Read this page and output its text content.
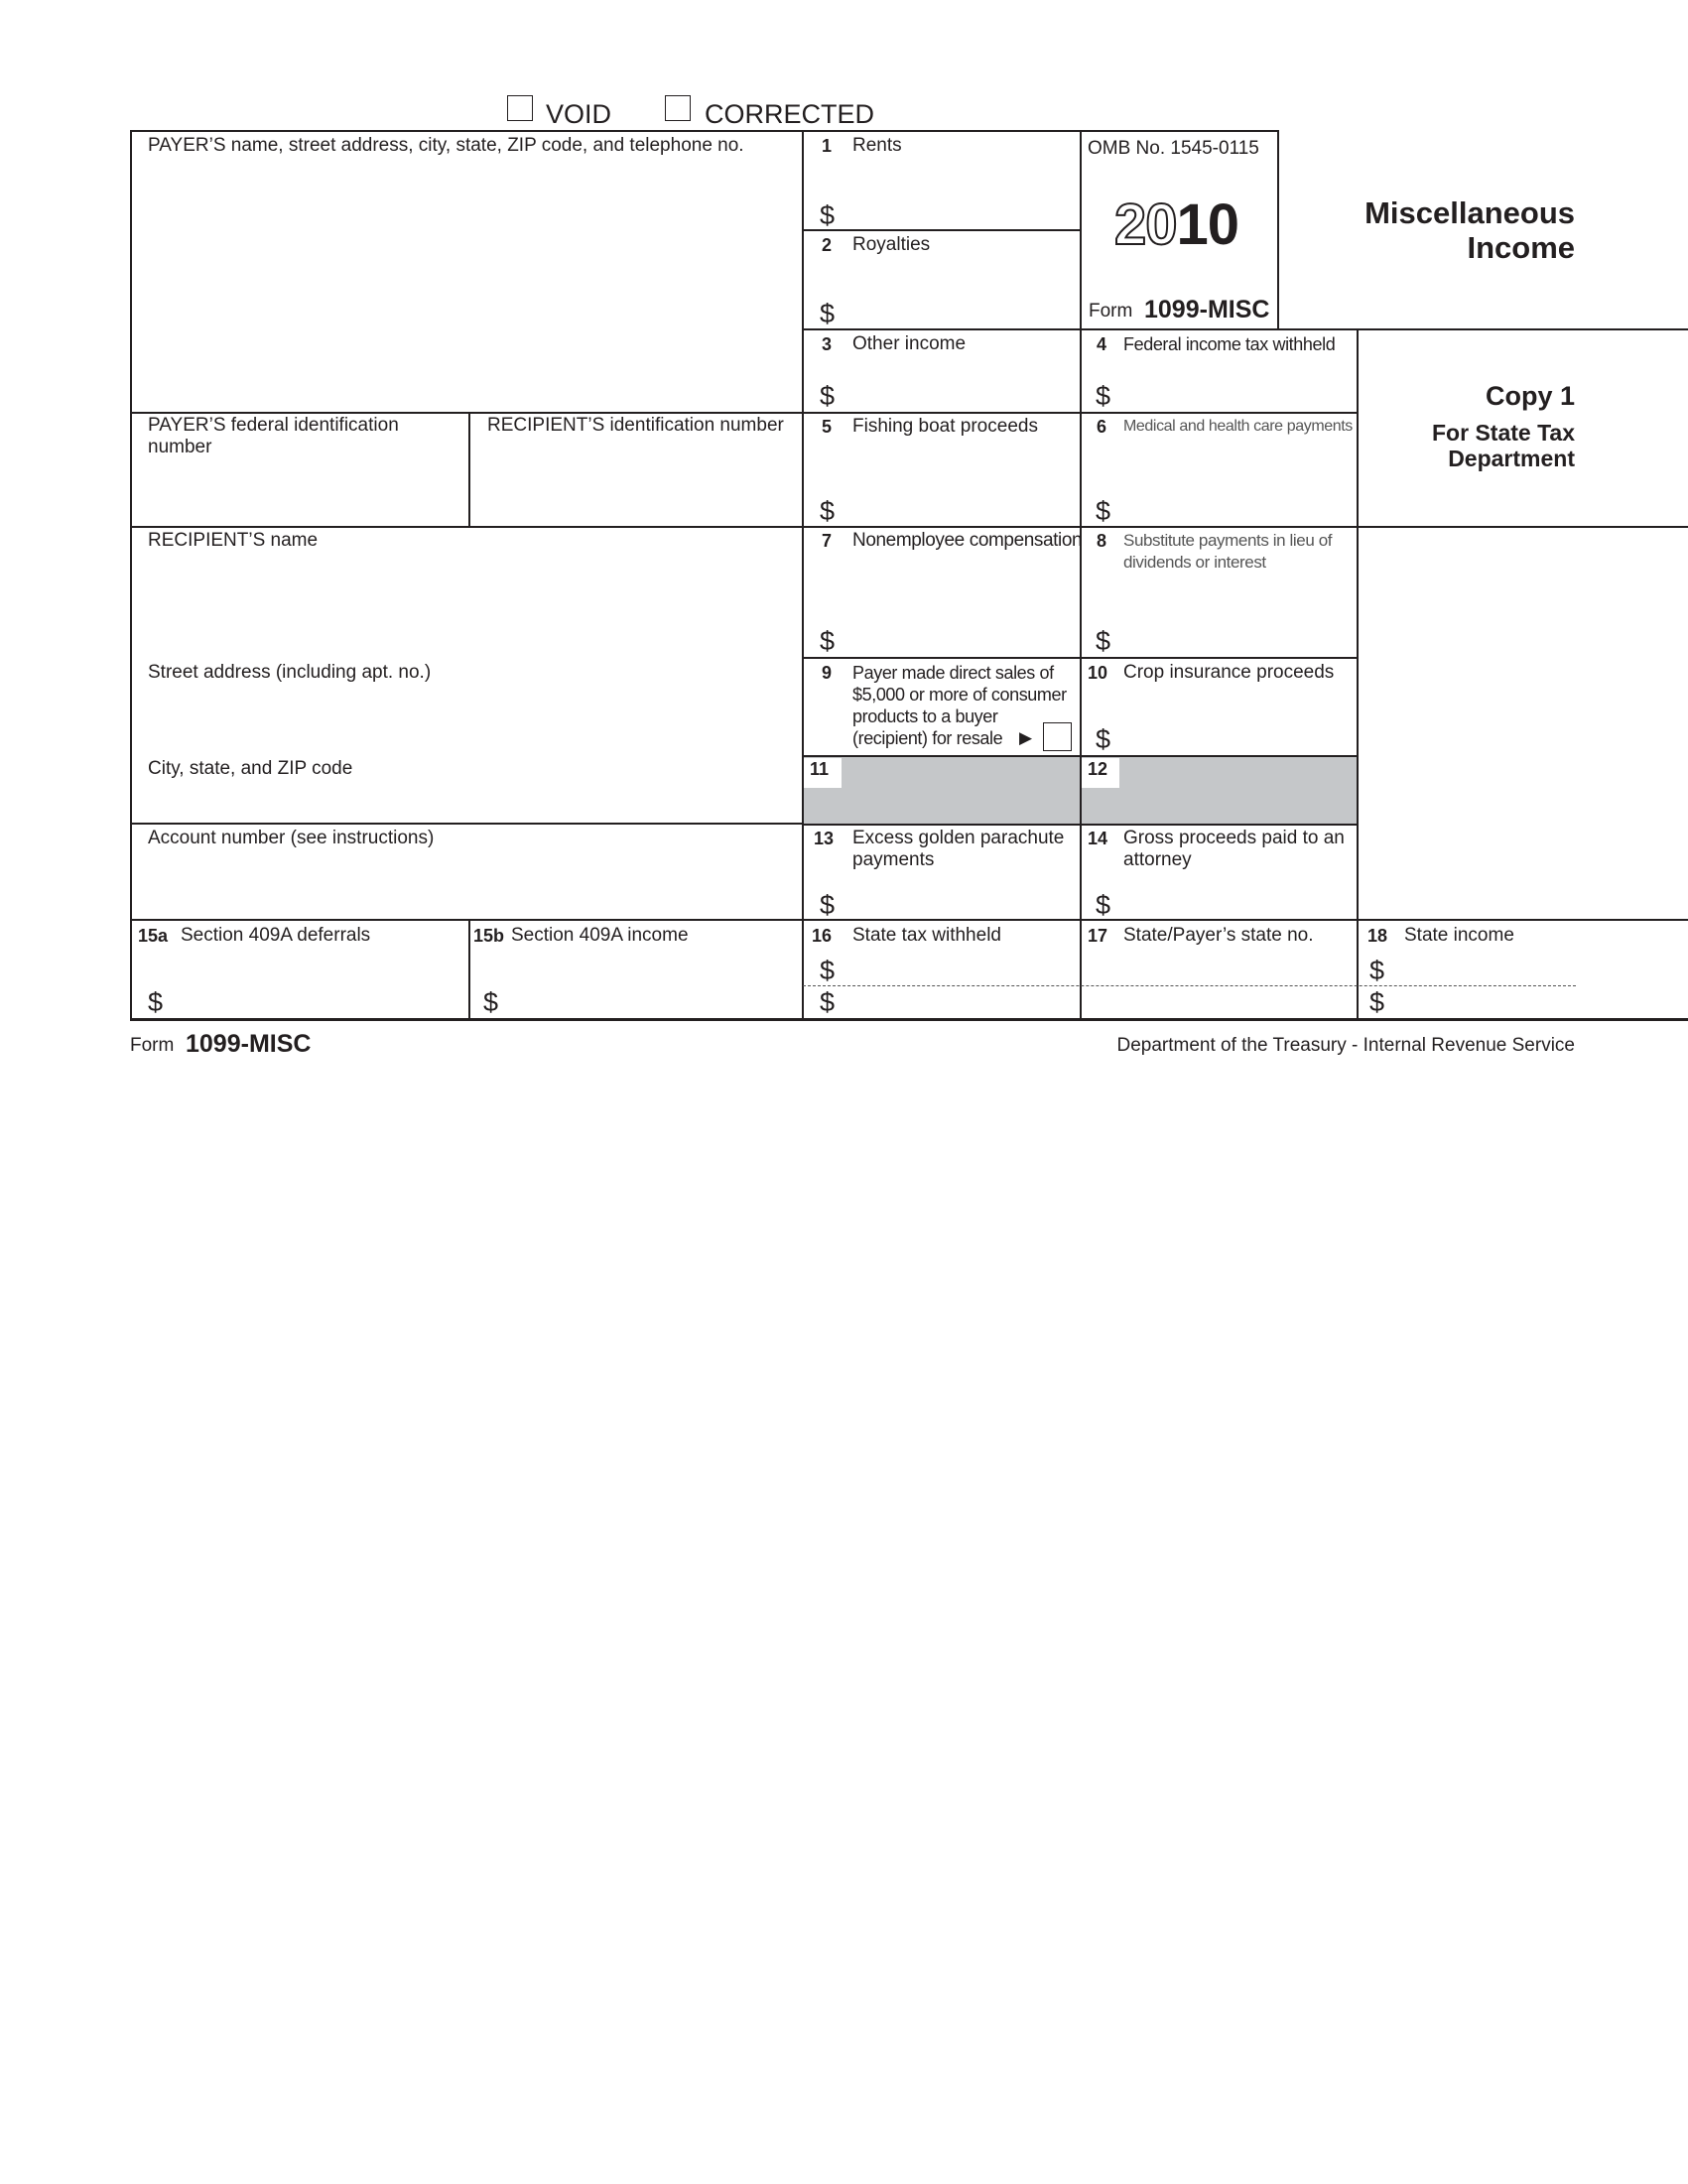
VOID	CORRECTED
11	12
PAYER’S name, street address, city, state, ZIP code, and telephone no.
PAYER’S federal identification number
RECIPIENT’S identification number
RECIPIENT’S name
Street address (including apt. no.)
City, state, and ZIP code
Account number (see instructions)
OMB No. 1545-0115
2010
Form 1099-MISC
Miscellaneous
Income
Copy 1
For State Tax
Department
1 Rents
$
2 Royalties
$
3 Other income
$
4 Federal income tax withheld
$
5 Fishing boat proceeds
$
6 Medical and health care payments
$
7 Nonemployee compensation
$
8 Substitute payments in lieu of dividends or interest
$
9 Payer made direct sales of $5,000 or more of consumer products to a buyer (recipient) for resale ▶
10 Crop insurance proceeds
$
13 Excess golden parachute payments
$
14 Gross proceeds paid to an attorney
$
15a Section 409A deferrals
$
15b Section 409A income
$
16 State tax withheld
$
$
17 State/Payer’s state no.	18 State income
$
$
Form 1099-MISC	Department of the Treasury - Internal Revenue Service
